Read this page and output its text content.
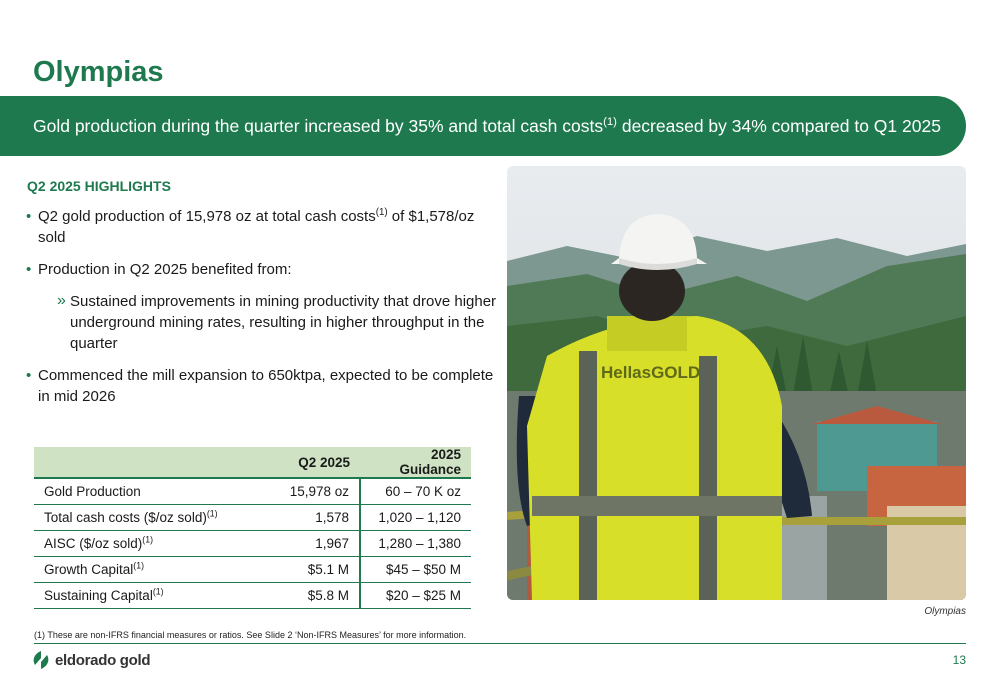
Olympias
Gold production during the quarter increased by 35% and total cash costs$^{(1)}$ decreased by 34% compared to Q1 2025
Q2 2025 HIGHLIGHTS
• Q2 gold production of 15,978 oz at total cash costs$^{(1)}$ of $1,578/oz sold
• Production in Q2 2025 benefited from:
» Sustained improvements in mining productivity that drove higher underground mining rates, resulting in higher throughput in the quarter
• Commenced the mill expansion to 650ktpa, expected to be complete in mid 2026
	Q2 2025	2025 Guidance
Gold Production	15,978 oz	60 – 70 K oz
Total cash costs ($/oz sold)$^{(1)}$	1,578	1,020 – 1,120
AISC ($/oz sold)$^{(1)}$	1,967	1,280 – 1,380
Growth Capital$^{(1)}$	$5.1 M	$45 – $50 M
Sustaining Capital$^{(1)}$	$5.8 M	$20 – $25 M
HellasGOLD
Olympias
(1) These are non-IFRS financial measures or ratios. See Slide 2 ‘Non-IFRS Measures’ for more information.
eldorado gold	13
